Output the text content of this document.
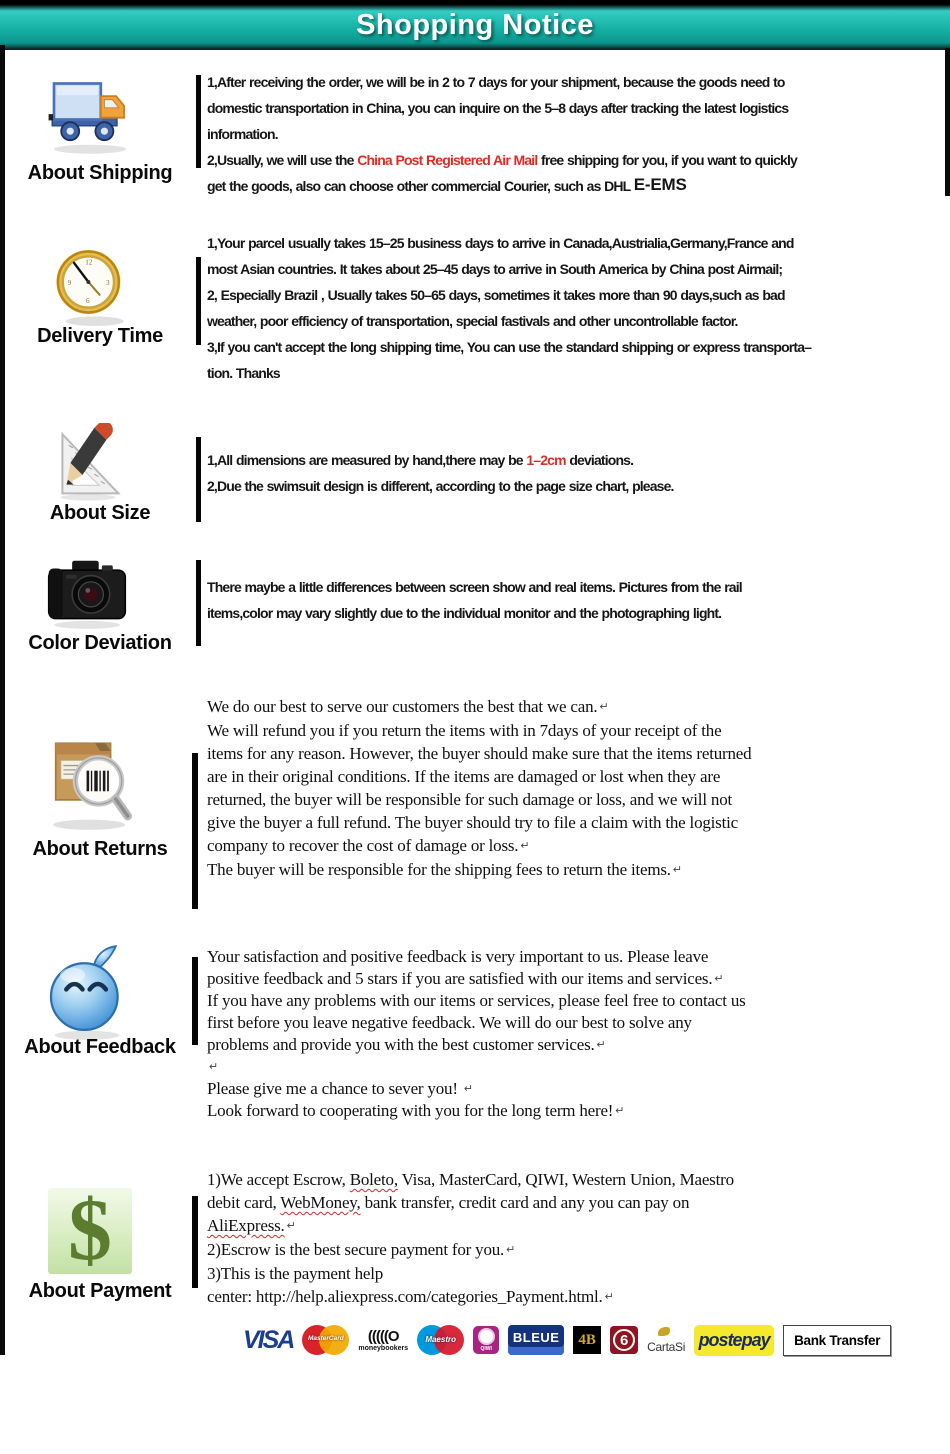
Shopping Notice
About Shipping
1,After receiving the order, we will be in 2 to 7 days for your shipment, because the goods need to
domestic transportation in China, you can inquire on the 5–8 days after tracking the latest logistics
information.
2,Usually, we will use the China Post Registered Air Mail free shipping for you, if you want to quickly
get the goods, also can choose other commercial Courier, such as DHL E-EMS
12
3
6
9
Delivery Time
1,Your parcel usually takes 15–25 business days to arrive in Canada,Austrialia,Germany,France and
most Asian countries. It takes about 25–45 days to arrive in South America by China post Airmail;
2, Especially Brazil , Usually takes 50–65 days, sometimes it takes more than 90 days,such as bad
weather, poor efficiency of transportation, special fastivals and other uncontrollable factor.
3,If you can't accept the long shipping time, You can use the standard shipping or express transporta–
tion. Thanks
About Size
1,All dimensions are measured by hand,there may be 1–2cm deviations.
2,Due the swimsuit design is different, according to the page size chart, please.
Color Deviation
There maybe a little differences between screen show and real items. Pictures from the rail
items,color may vary slightly due to the individual monitor and the photographing light.
About Returns
We do our best to serve our customers the best that we can. ↵
We will refund you if you return the items with in 7days of your receipt of the
items for any reason. However, the buyer should make sure that the items returned
are in their original conditions. If the items are damaged or lost when they are
returned, the buyer will be responsible for such damage or loss, and we will not
give the buyer a full refund. The buyer should try to file a claim with the logistic
company to recover the cost of damage or loss. ↵
The buyer will be responsible for the shipping fees to return the items. ↵
About Feedback
Your satisfaction and positive feedback is very important to us. Please leave
positive feedback and 5 stars if you are satisfied with our items and services. ↵
If you have any problems with our items or services, please feel free to contact us
first before you leave negative feedback. We will do our best to solve any
problems and provide you with the best customer services. ↵
↵
Please give me a chance to sever you! ↵
Look forward to cooperating with you for the long term here! ↵
$
About Payment
1)We accept Escrow, Boleto, Visa, MasterCard, QIWI, Western Union, Maestro
debit card, WebMoney, bank transfer, credit card and any you can pay on
AliExpress. ↵
2)Escrow is the best secure payment for you. ↵
3)This is the payment help
center: http://help.aliexpress.com/categories_Payment.html. ↵
VISA	MasterCard	(((((O
moneybookers
Maestro
QIWI
BLEUE 4B	6	CartaSi postepay Bank Transfer
